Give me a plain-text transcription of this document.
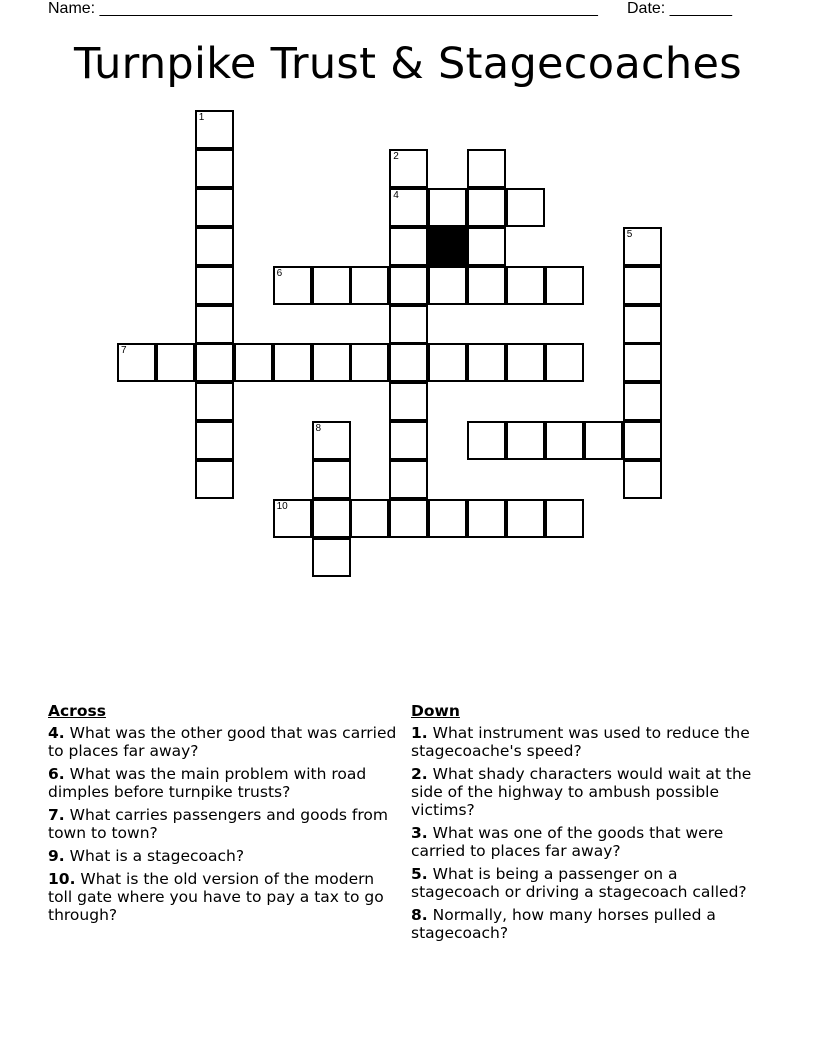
Name: ________________________________________________________ Date: _______
Turnpike Trust & Stagecoaches
1
2
4
5
6
7
8
10
Across
4. What was the other good that was carried to places far away?
6. What was the main problem with road dimples before turnpike trusts?
7. What carries passengers and goods from town to town?
9. What is a stagecoach?
10. What is the old version of the modern toll gate where you have to pay a tax to go through?
Down
1. What instrument was used to reduce the stagecoache's speed?
2. What shady characters would wait at the side of the highway to ambush possible victims?
3. What was one of the goods that were carried to places far away?
5. What is being a passenger on a stagecoach or driving a stagecoach called?
8. Normally, how many horses pulled a stagecoach?
